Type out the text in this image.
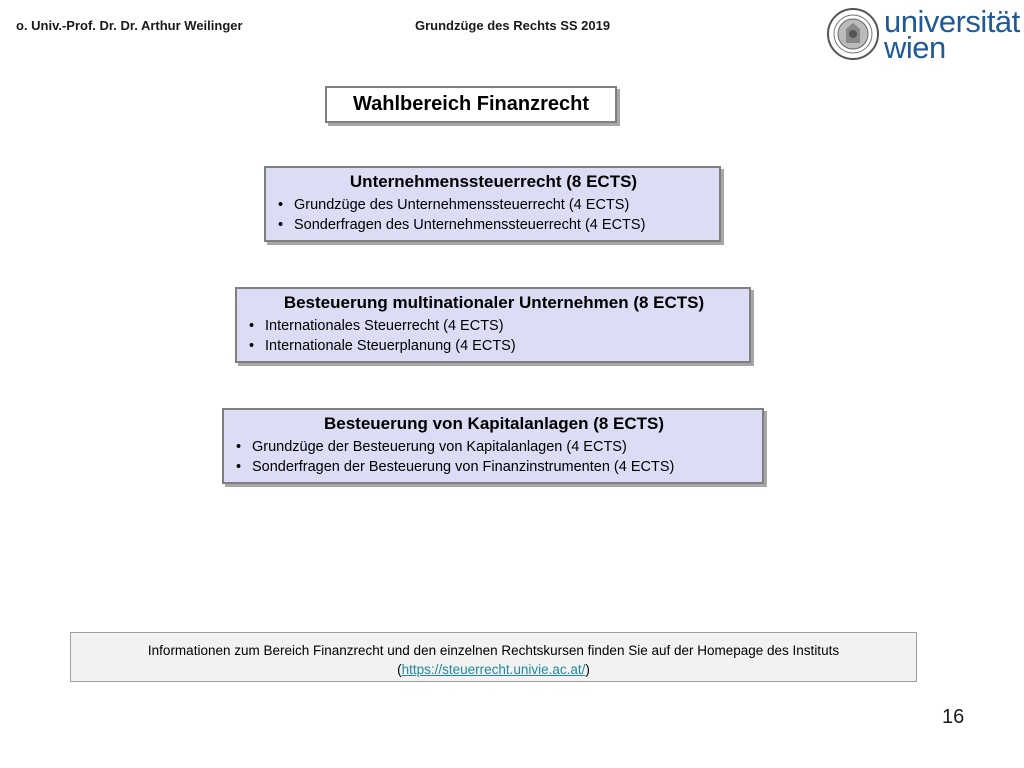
o. Univ.-Prof. Dr. Dr. Arthur Weilinger	Grundzüge des Rechts SS 2019	universität
wien
Wahlbereich Finanzrecht
Unternehmenssteuerrecht (8 ECTS)
• Grundzüge des Unternehmenssteuerrecht (4 ECTS)
• Sonderfragen des Unternehmenssteuerrecht (4 ECTS)
Besteuerung multinationaler Unternehmen (8 ECTS)
• Internationales Steuerrecht (4 ECTS)
• Internationale Steuerplanung (4 ECTS)
Besteuerung von Kapitalanlagen (8 ECTS)
• Grundzüge der Besteuerung von Kapitalanlagen (4 ECTS)
• Sonderfragen der Besteuerung von Finanzinstrumenten (4 ECTS)
Informationen zum Bereich Finanzrecht und den einzelnen Rechtskursen finden Sie auf der Homepage des Instituts
(https://steuerrecht.univie.ac.at/)
16
